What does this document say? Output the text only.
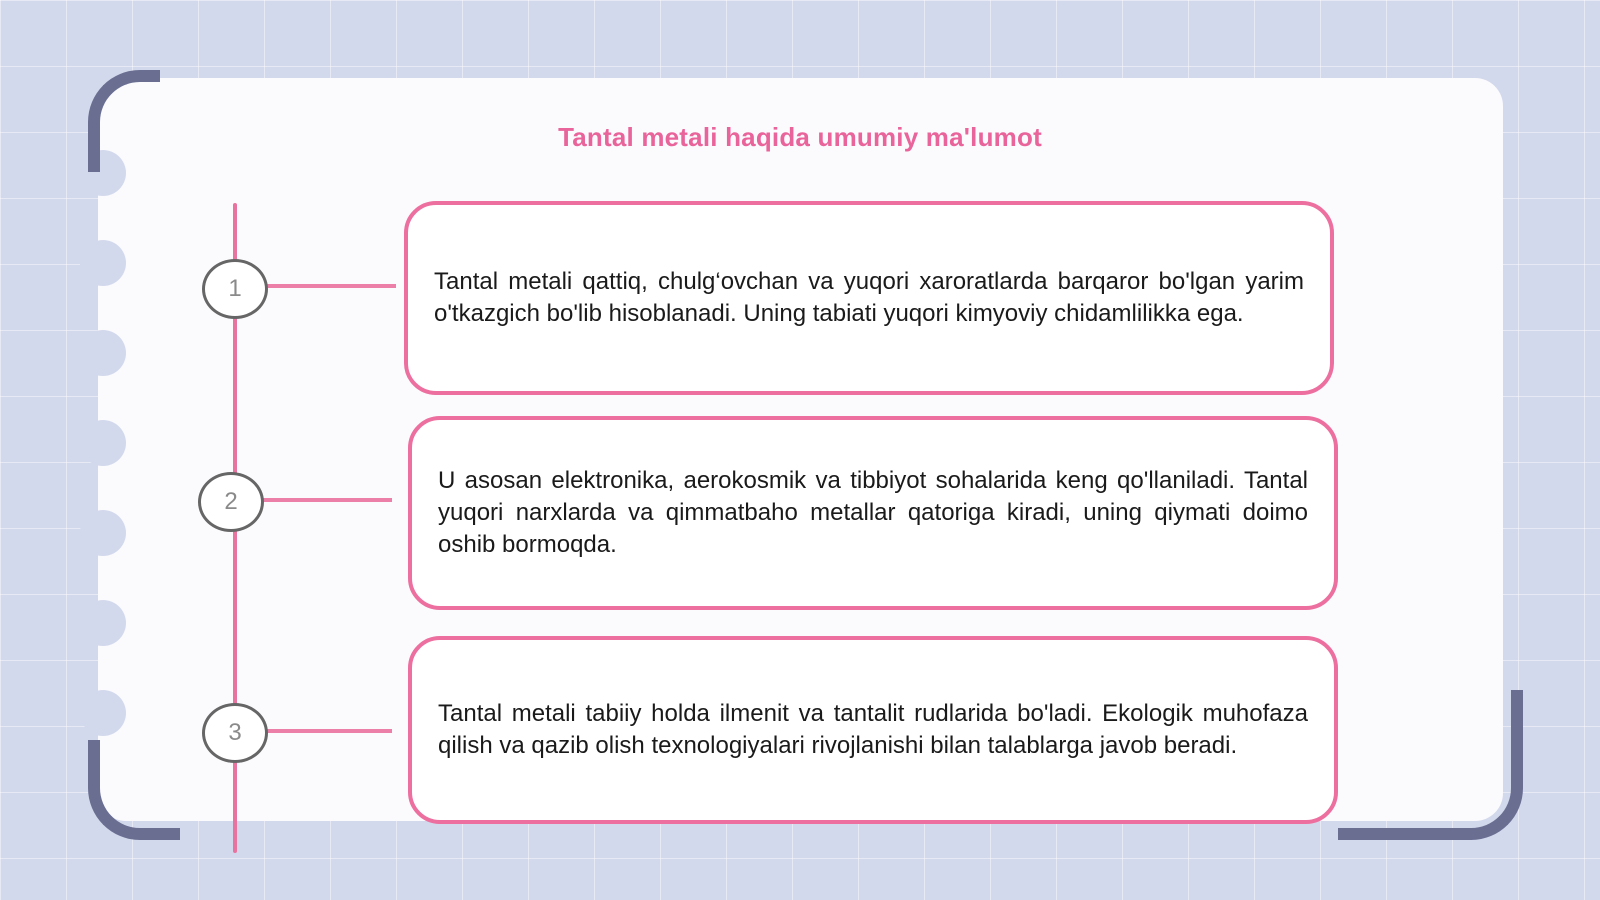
Tantal metali haqida umumiy ma'lumot
1
2
3

Tantal metali qattiq, chulg‘ovchan va yuqori xaroratlarda barqaror bo'lgan yarim o'tkazgich bo'lib hisoblanadi. Uning tabiati yuqori kimyoviy chidamlilikka ega.

U asosan elektronika, aerokosmik va tibbiyot sohalarida keng qo'llaniladi. Tantal yuqori narxlarda va qimmatbaho metallar qatoriga kiradi, uning qiymati doimo oshib bormoqda.

Tantal metali tabiiy holda ilmenit va tantalit rudlarida bo'ladi. Ekologik muhofaza qilish va qazib olish texnologiyalari rivojlanishi bilan talablarga javob beradi.
